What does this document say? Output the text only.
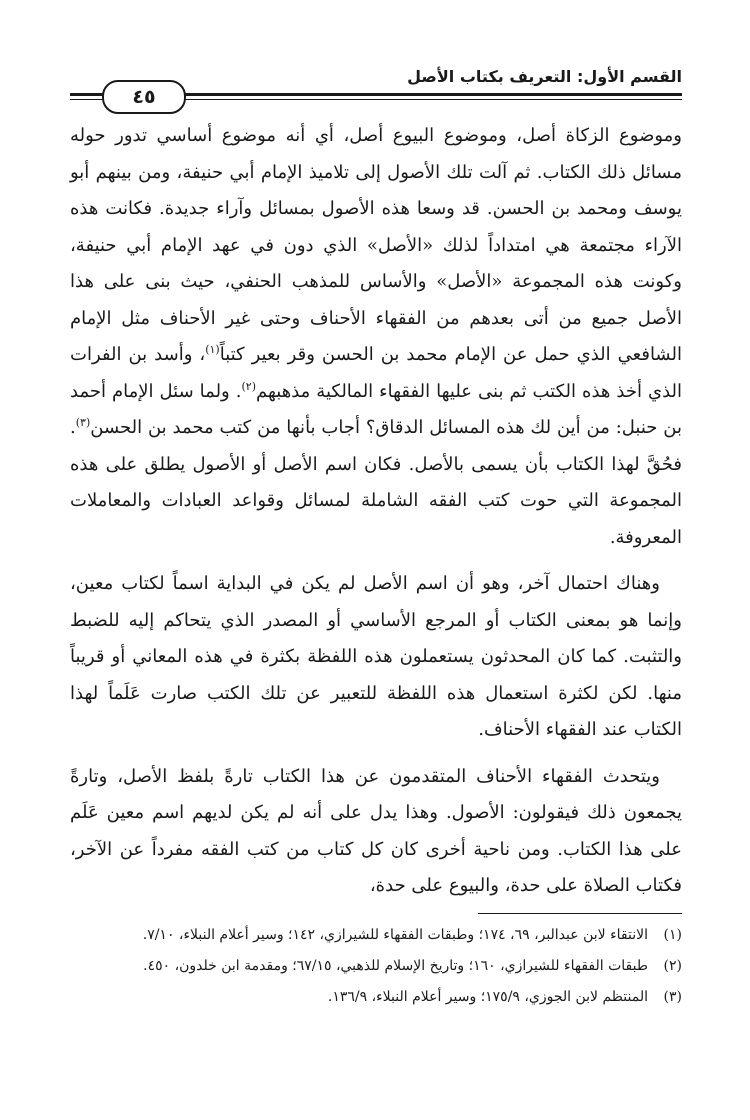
القسم الأول: التعريف بكتاب الأصل
٤٥

وموضوع الزكاة أصل، وموضوع البيوع أصل، أي أنه موضوع أساسي تدور حوله مسائل ذلك الكتاب. ثم آلت تلك الأصول إلى تلاميذ الإمام أبي حنيفة، ومن بينهم أبو يوسف ومحمد بن الحسن. قد وسعا هذه الأصول بمسائل وآراء جديدة. فكانت هذه الآراء مجتمعة هي امتداداً لذلك «الأصل» الذي دون في عهد الإمام أبي حنيفة، وكونت هذه المجموعة «الأصل» والأساس للمذهب الحنفي، حيث بنى على هذا الأصل جميع من أتى بعدهم من الفقهاء الأحناف وحتى غير الأحناف مثل الإمام الشافعي الذي حمل عن الإمام محمد بن الحسن وقر بعير كتباً$^{(١)}$، وأسد بن الفرات الذي أخذ هذه الكتب ثم بنى عليها الفقهاء المالكية مذهبهم$^{(٢)}$. ولما سئل الإمام أحمد بن حنبل: من أين لك هذه المسائل الدقاق؟ أجاب بأنها من كتب محمد بن الحسن$^{(٣)}$. فحُقَّ لهذا الكتاب بأن يسمى بالأصل. فكان اسم الأصل أو الأصول يطلق على هذه المجموعة التي حوت كتب الفقه الشاملة لمسائل وقواعد العبادات والمعاملات المعروفة.

وهناك احتمال آخر، وهو أن اسم الأصل لم يكن في البداية اسماً لكتاب معين، وإنما هو بمعنى الكتاب أو المرجع الأساسي أو المصدر الذي يتحاكم إليه للضبط والتثبت. كما كان المحدثون يستعملون هذه اللفظة بكثرة في هذه المعاني أو قريباً منها. لكن لكثرة استعمال هذه اللفظة للتعبير عن تلك الكتب صارت عَلَماً لهذا الكتاب عند الفقهاء الأحناف.

ويتحدث الفقهاء الأحناف المتقدمون عن هذا الكتاب تارةً بلفظ الأصل، وتارةً يجمعون ذلك فيقولون: الأصول. وهذا يدل على أنه لم يكن لديهم اسم معين عَلَم على هذا الكتاب. ومن ناحية أخرى كان كل كتاب من كتب الفقه مفرداً عن الآخر، فكتاب الصلاة على حدة، والبيوع على حدة،

(١)
الانتقاء لابن عبدالبر، ٦٩، ١٧٤؛ وطبقات الفقهاء للشيرازي، ١٤٢؛ وسير أعلام النبلاء، ٧/١٠.
(٢)
طبقات الفقهاء للشيرازي، ١٦٠؛ وتاريخ الإسلام للذهبي، ٦٧/١٥؛ ومقدمة ابن خلدون، ٤٥٠.
(٣)
المنتظم لابن الجوزي، ١٧٥/٩؛ وسير أعلام النبلاء، ١٣٦/٩.
